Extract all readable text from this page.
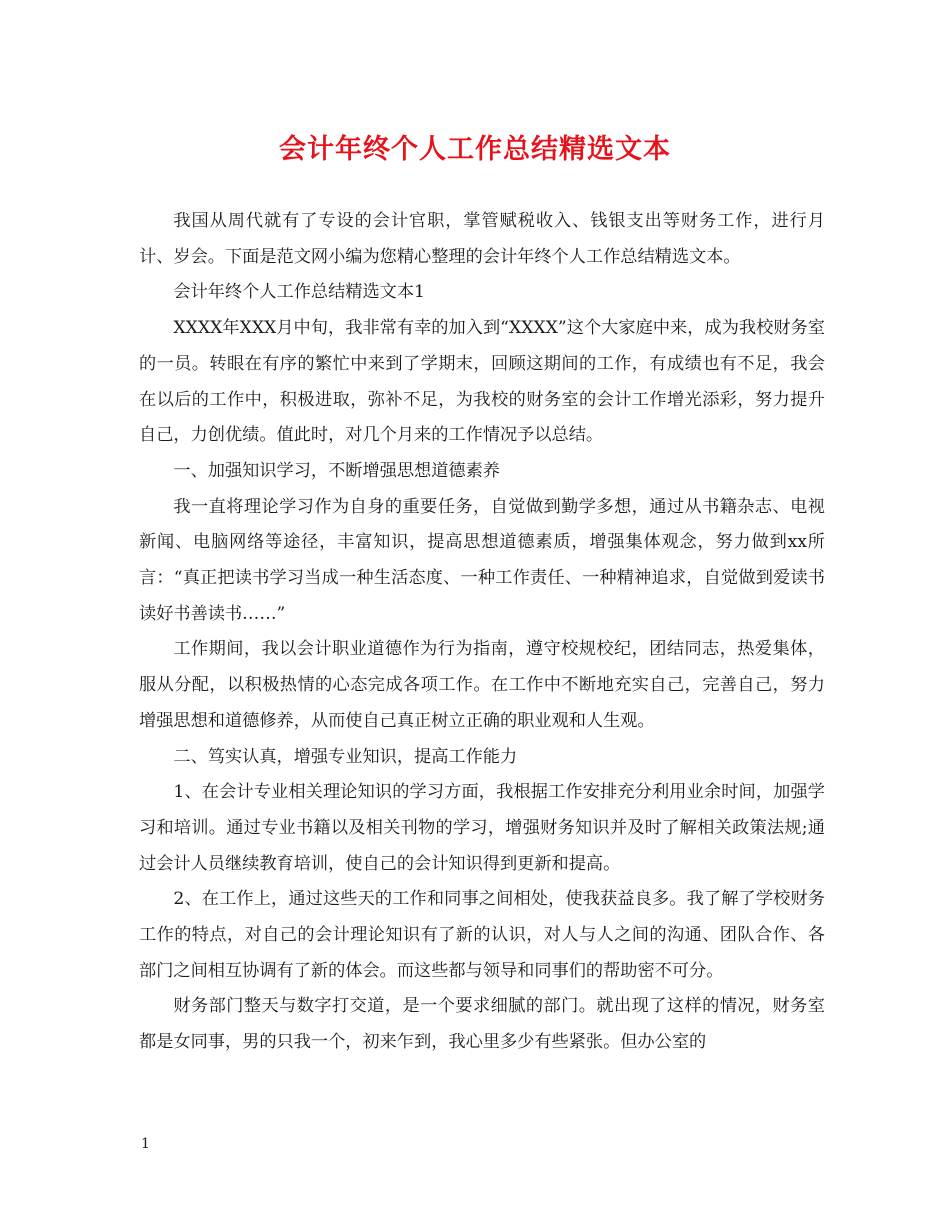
会计年终个人工作总结精选文本

我国从周代就有了专设的会计官职，掌管赋税收入、钱银支出等财务工作，进行月计、岁会。下面是范文网小编为您精心整理的会计年终个人工作总结精选文本。

会计年终个人工作总结精选文本1

XXXX年XXX月中旬，我非常有幸的加入到“XXXX”这个大家庭中来，成为我校财务室的一员。转眼在有序的繁忙中来到了学期末，回顾这期间的工作，有成绩也有不足，我会在以后的工作中，积极进取，弥补不足，为我校的财务室的会计工作增光添彩，努力提升自己，力创优绩。值此时，对几个月来的工作情况予以总结。

一、加强知识学习，不断增强思想道德素养

我一直将理论学习作为自身的重要任务，自觉做到勤学多想，通过从书籍杂志、电视新闻、电脑网络等途径，丰富知识，提高思想道德素质，增强集体观念，努力做到xx所言：“真正把读书学习当成一种生活态度、一种工作责任、一种精神追求，自觉做到爱读书读好书善读书……”

工作期间，我以会计职业道德作为行为指南，遵守校规校纪，团结同志，热爱集体，服从分配，以积极热情的心态完成各项工作。在工作中不断地充实自己，完善自己，努力增强思想和道德修养，从而使自己真正树立正确的职业观和人生观。

二、笃实认真，增强专业知识，提高工作能力

1、在会计专业相关理论知识的学习方面，我根据工作安排充分利用业余时间，加强学习和培训。通过专业书籍以及相关刊物的学习，增强财务知识并及时了解相关政策法规;通过会计人员继续教育培训，使自己的会计知识得到更新和提高。

2、在工作上，通过这些天的工作和同事之间相处，使我获益良多。我了解了学校财务工作的特点，对自己的会计理论知识有了新的认识，对人与人之间的沟通、团队合作、各部门之间相互协调有了新的体会。而这些都与领导和同事们的帮助密不可分。

财务部门整天与数字打交道，是一个要求细腻的部门。就出现了这样的情况，财务室都是女同事，男的只我一个，初来乍到，我心里多少有些紧张。但办公室的

1
